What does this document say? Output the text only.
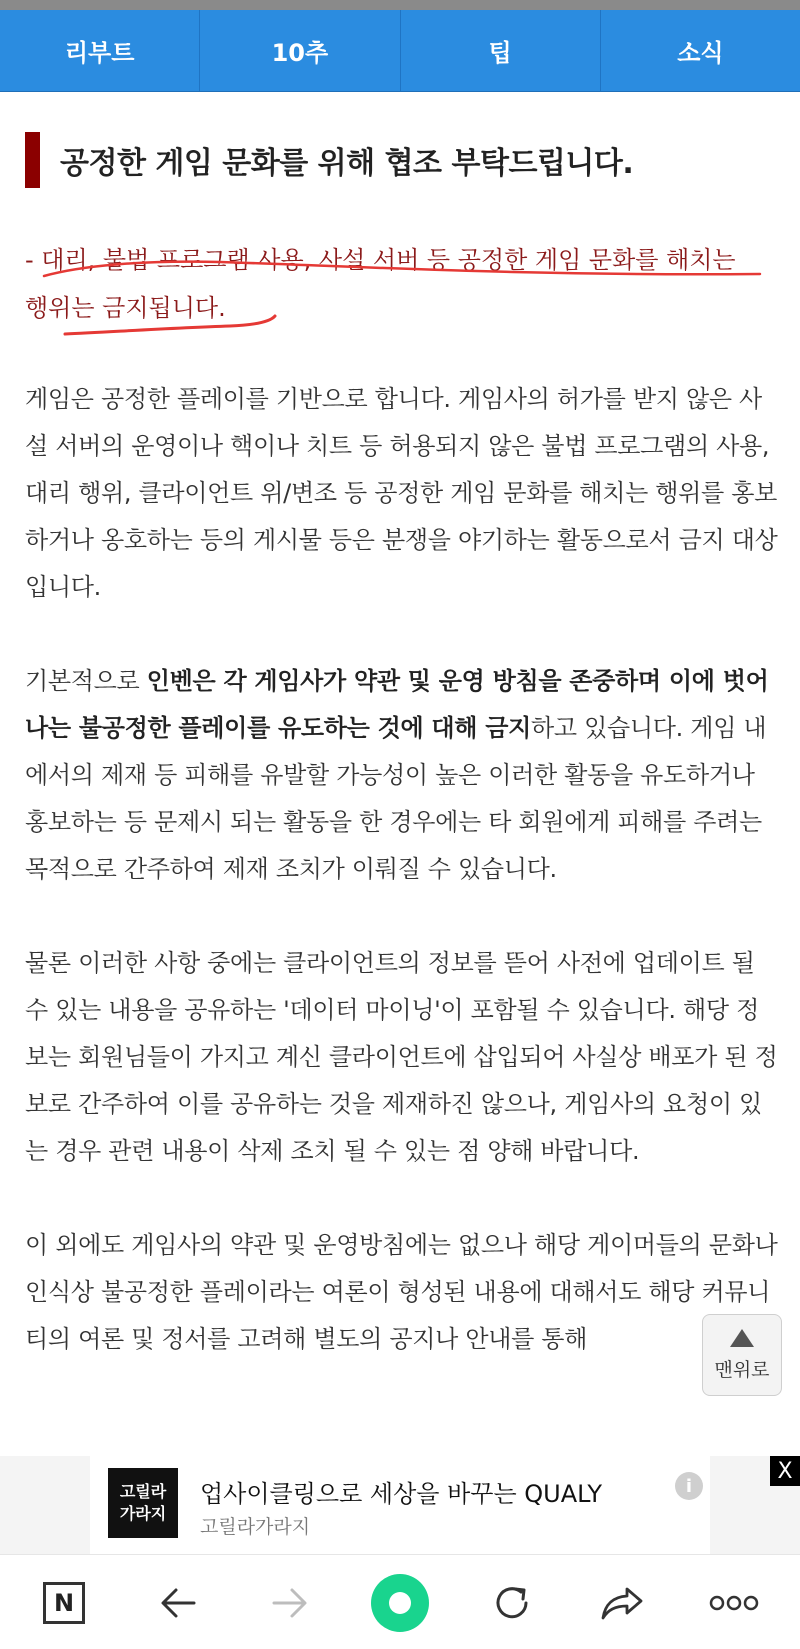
리부트	10추	팁	소식
공정한 게임 문화를 위해 협조 부탁드립니다.
- 대리, 불법 프로그램 사용, 사설 서버 등 공정한 게임 문화를 해치는
행위는 금지됩니다.

게임은 공정한 플레이를 기반으로 합니다. 게임사의 허가를 받지 않은 사설 서버의 운영이나 핵이나 치트 등 허용되지 않은 불법 프로그램의 사용, 대리 행위, 클라이언트 위/변조 등 공정한 게임 문화를 해치는 행위를 홍보하거나 옹호하는 등의 게시물 등은 분쟁을 야기하는 활동으로서 금지 대상입니다.

기본적으로 인벤은 각 게임사가 약관 및 운영 방침을 존중하며 이에 벗어나는 불공정한 플레이를 유도하는 것에 대해 금지하고 있습니다. 게임 내에서의 제재 등 피해를 유발할 가능성이 높은 이러한 활동을 유도하거나 홍보하는 등 문제시 되는 활동을 한 경우에는 타 회원에게 피해를 주려는 목적으로 간주하여 제재 조치가 이뤄질 수 있습니다.

물론 이러한 사항 중에는 클라이언트의 정보를 뜯어 사전에 업데이트 될 수 있는 내용을 공유하는 '데이터 마이닝'이 포함될 수 있습니다. 해당 정보는 회원님들이 가지고 계신 클라이언트에 삽입되어 사실상 배포가 된 정보로 간주하여 이를 공유하는 것을 제재하진 않으나, 게임사의 요청이 있는 경우 관련 내용이 삭제 조치 될 수 있는 점 양해 바랍니다.

이 외에도 게임사의 약관 및 운영방침에는 없으나 해당 게이머들의 문화나 인식상 불공정한 플레이라는 여론이 형성된 내용에 대해서도 해당 커뮤니티의 여론 및 정서를 고려해 별도의 공지나 안내를 통해

맨위로
고릴라
가라지
업사이클링으로 세상을 바꾸는 QUALY
고릴라가라지
i
X
N
